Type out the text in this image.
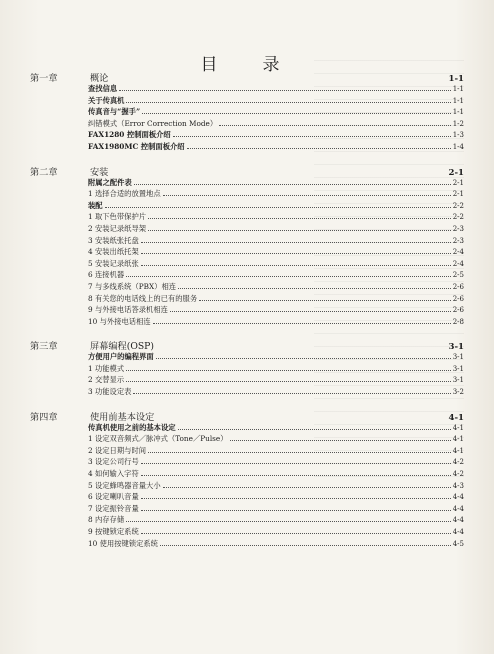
目　录
第一章	概论	1-1
查找信息	1-1
关于传真机	1-1
传真音与“握手”	1-1
纠错模式（Error Correction Mode）	1-2
FAX1280 控制面板介绍	1-3
FAX1980MC 控制面板介绍	1-4
第二章	安装	2-1
附属之配件表	2-1
1 选择合适的放置地点	2-1
装配	2-2
1 取下色带保护片	2-2
2 安装记录纸导架	2-3
3 安装纸张托盘	2-3
4 安装出纸托架	2-4
5 安装记录纸张	2-4
6 连接机器	2-5
7 与多线系统（PBX）相连	2-6
8 有关您的电话线上的已有的服务	2-6
9 与外接电话答录机相连	2-6
10 与外接电话相连	2-8
第三章	屏幕编程(OSP)	3-1
方便用户的编程界面	3-1
1 功能模式	3-1
2 交替显示	3-1
3 功能设定表	3-2
第四章	使用前基本设定	4-1
传真机使用之前的基本设定	4-1
1 设定双音频式／脉冲式（Tone／Pulse）	4-1
2 设定日期与时间	4-1
3 设定公司行号	4-2
4 如何输入字符	4-2
5 设定蜂鸣器音量大小	4-3
6 设定喇叭音量	4-4
7 设定振铃音量	4-4
8 内存存储	4-4
9 按键锁定系统	4-4
10 使用按键锁定系统	4-5
